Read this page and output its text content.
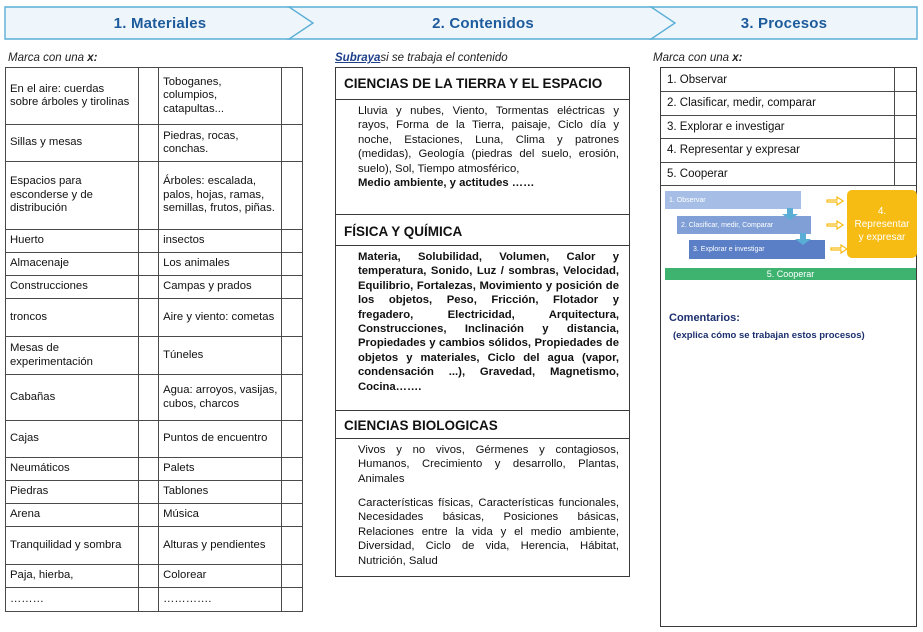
1. Materiales	2. Contenidos	3. Procesos
Marca con una x:	Subrayasi se trabaja el contenido	Marca con una x:
En el aire: cuerdas sobre árboles y tirolinas		Toboganes, columpios, catapultas...	
Sillas y mesas		Piedras, rocas, conchas.	
Espacios para esconderse y de distribución		Árboles: escalada, palos, hojas, ramas, semillas, frutos, piñas.	
Huerto		insectos	
Almacenaje		Los animales	
Construcciones		Campas y prados	
troncos		Aire y viento: cometas	
Mesas de experimentación		Túneles	
Cabañas		Agua: arroyos, vasijas, cubos, charcos	
Cajas		Puntos de encuentro	
Neumáticos		Palets	
Piedras		Tablones	
Arena		Música	
Tranquilidad y sombra		Alturas y pendientes	
Paja, hierba,		Colorear	
………		………….	
CIENCIAS DE LA TIERRA Y EL ESPACIO
Lluvia y nubes, Viento, Tormentas eléctricas y rayos, Forma de la Tierra, paisaje, Ciclo día y noche, Estaciones, Luna, Clima y patrones (medidas), Geología (piedras del suelo, erosión, suelo), Sol, Tiempo atmosférico,
Medio ambiente, y actitudes ……
FÍSICA Y QUÍMICA
Materia, Solubilidad, Volumen, Calor y temperatura, Sonido, Luz / sombras, Velocidad, Equilibrio, Fortalezas, Movimiento y posición de los objetos, Peso, Fricción, Flotador y fregadero, Electricidad, Arquitectura, Construcciones, Inclinación y distancia, Propiedades y cambios sólidos, Propiedades de objetos y materiales, Ciclo del agua (vapor, condensación ...), Gravedad, Magnetismo, Cocina…….
CIENCIAS BIOLOGICAS
Vivos y no vivos, Gérmenes y contagiosos, Humanos, Crecimiento y desarrollo, Plantas, Animales
Características físicas, Características funcionales, Necesidades básicas, Posiciones básicas, Relaciones entre la vida y el medio ambiente, Diversidad, Ciclo de vida, Herencia, Hábitat, Nutrición, Salud
1. Observar	
2. Clasificar, medir, comparar	
3. Explorar e investigar	
4. Representar y expresar	
5. Cooperar	
1. Observar
2. Clasificar, medir, Comparar
3. Explorar e investigar
4.
Representar
y expresar
5. Cooperar
Comentarios:
(explica cómo se trabajan estos procesos)
